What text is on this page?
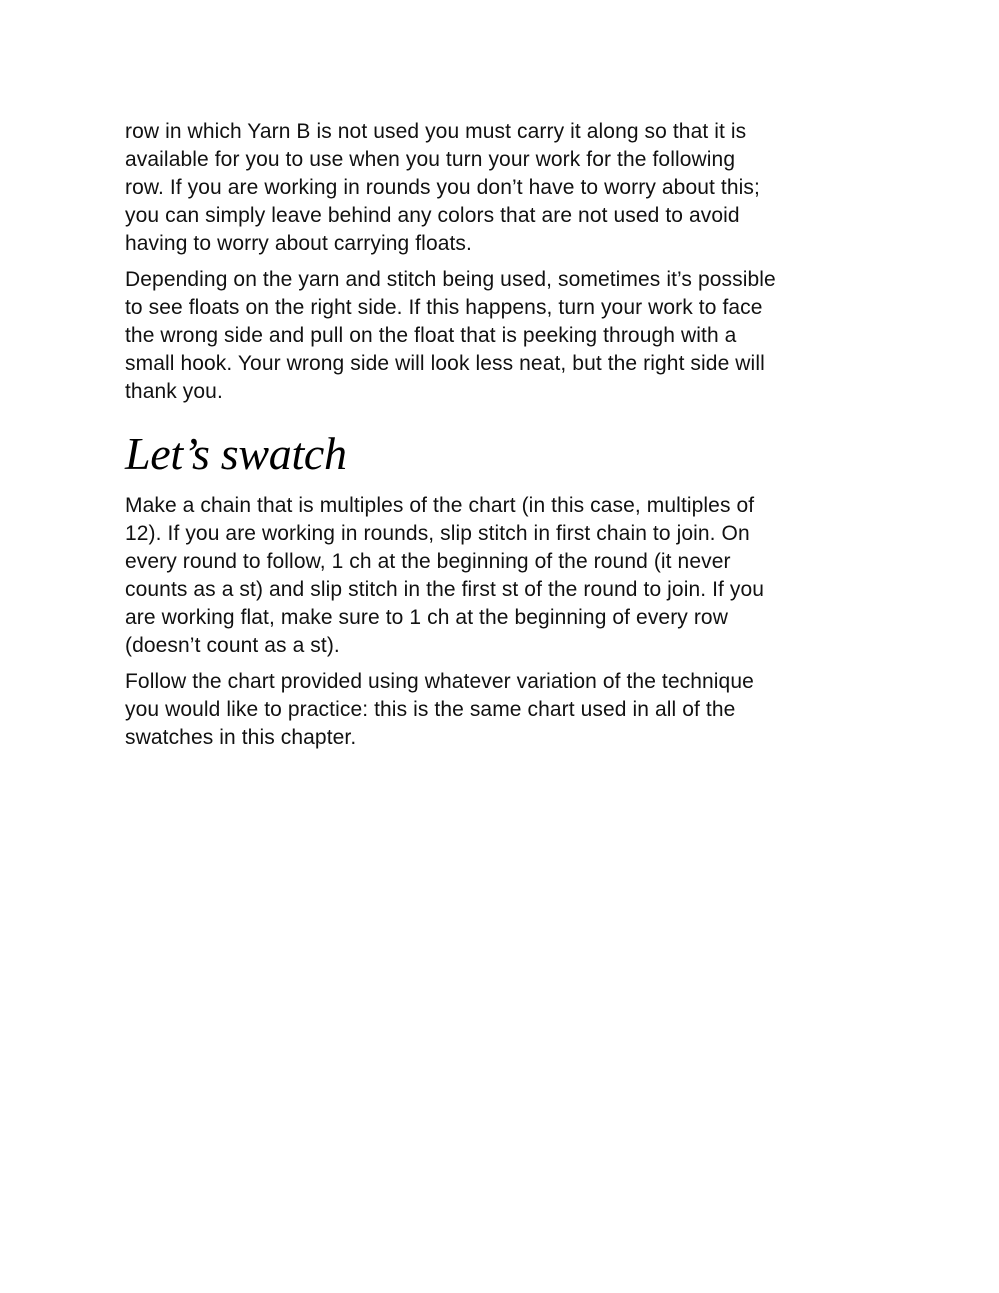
row in which Yarn B is not used you must carry it along so that it is
available for you to use when you turn your work for the following
row. If you are working in rounds you don’t have to worry about this;
you can simply leave behind any colors that are not used to avoid
having to worry about carrying floats.

Depending on the yarn and stitch being used, sometimes it’s possible
to see floats on the right side. If this happens, turn your work to face
the wrong side and pull on the float that is peeking through with a
small hook. Your wrong side will look less neat, but the right side will
thank you.

Let’s swatch

Make a chain that is multiples of the chart (in this case, multiples of
12). If you are working in rounds, slip stitch in first chain to join. On
every round to follow, 1 ch at the beginning of the round (it never
counts as a st) and slip stitch in the first st of the round to join. If you
are working flat, make sure to 1 ch at the beginning of every row
(doesn’t count as a st).

Follow the chart provided using whatever variation of the technique
you would like to practice: this is the same chart used in all of the
swatches in this chapter.
